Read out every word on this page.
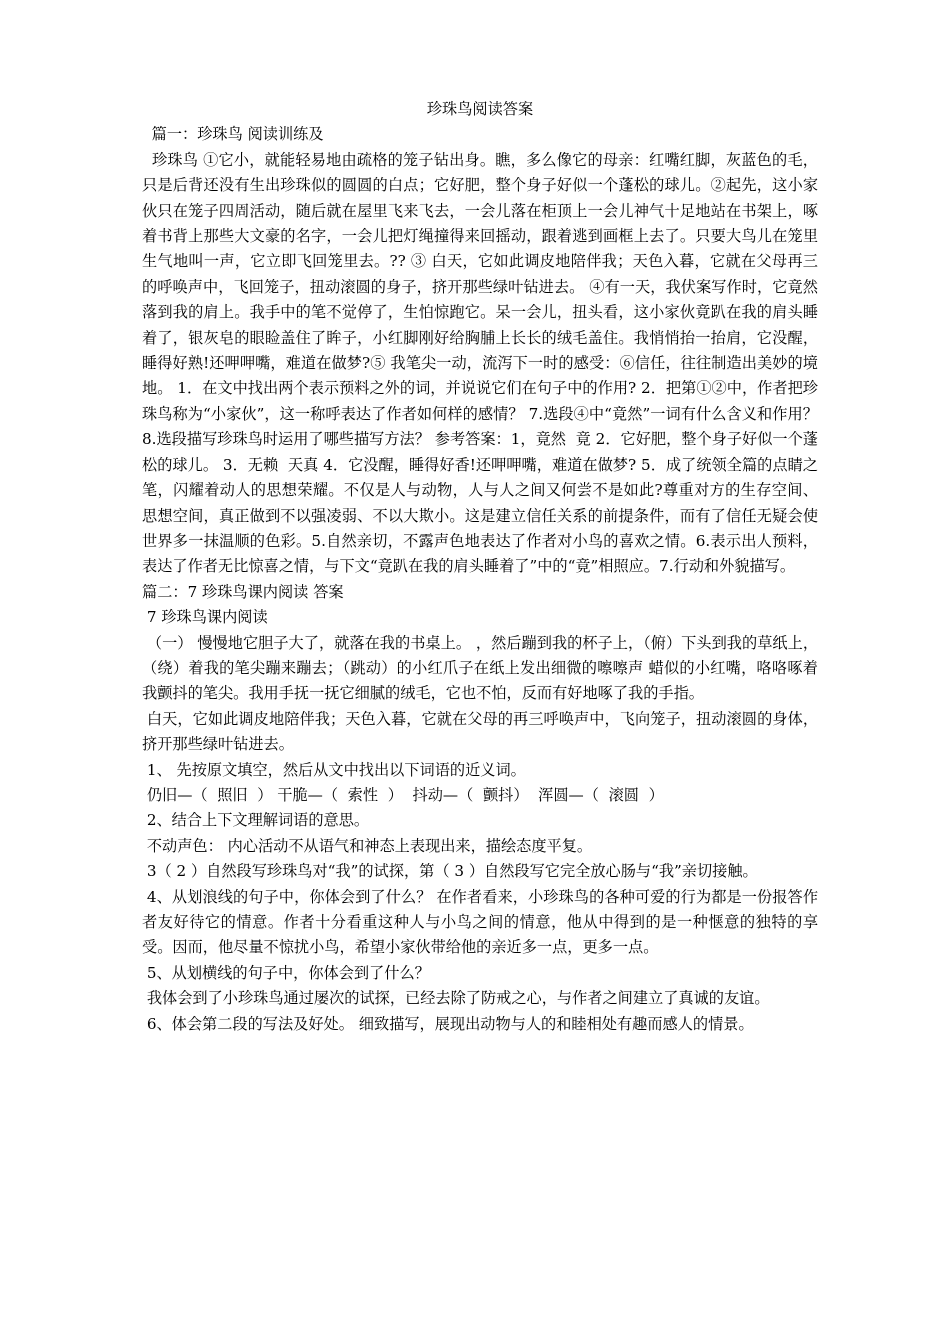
珍珠鸟阅读答案

篇一：珍珠鸟 阅读训练及

珍珠鸟 ①它小，就能轻易地由疏格的笼子钻出身。瞧，多么像它的母亲：红嘴红脚，灰蓝色的毛，只是后背还没有生出珍珠似的圆圆的白点；它好肥，整个身子好似一个蓬松的球儿。②起先，这小家伙只在笼子四周活动，随后就在屋里飞来飞去，一会儿落在柜顶上一会儿神气十足地站在书架上，啄着书背上那些大文豪的名字，一会儿把灯绳撞得来回摇动，跟着逃到画框上去了。只要大鸟儿在笼里生气地叫一声，它立即飞回笼里去。?? ③ 白天，它如此调皮地陪伴我；天色入暮，它就在父母再三的呼唤声中，飞回笼子，扭动滚圆的身子，挤开那些绿叶钻进去。 ④有一天，我伏案写作时，它竟然落到我的肩上。我手中的笔不觉停了，生怕惊跑它。呆一会儿，扭头看，这小家伙竟趴在我的肩头睡着了，银灰皂的眼睑盖住了眸子，小红脚刚好给胸脯上长长的绒毛盖住。我悄悄抬一抬肩，它没醒，睡得好熟!还呷呷嘴，难道在做梦?⑤ 我笔尖一动，流泻下一时的感受：⑥信任，往往制造出美妙的境地。 1．在文中找出两个表示预料之外的词，并说说它们在句子中的作用? 2．把第①②中，作者把珍珠鸟称为“小家伙”，这一称呼表达了作者如何样的感情？ 7.选段④中“竟然”一词有什么含义和作用？ 8.选段描写珍珠鸟时运用了哪些描写方法？ 参考答案：1，竟然  竟 2．它好肥，整个身子好似一个蓬松的球儿。 3．无赖  天真 4．它没醒，睡得好香!还呷呷嘴，难道在做梦? 5．成了统领全篇的点睛之笔，闪耀着动人的思想荣耀。不仅是人与动物，人与人之间又何尝不是如此?尊重对方的生存空间、思想空间，真正做到不以强凌弱、不以大欺小。这是建立信任关系的前提条件，而有了信任无疑会使世界多一抹温顺的色彩。5.自然亲切，不露声色地表达了作者对小鸟的喜欢之情。6.表示出人预料，表达了作者无比惊喜之情，与下文“竟趴在我的肩头睡着了”中的“竟”相照应。7.行动和外貌描写。

篇二：7 珍珠鸟课内阅读 答案

7 珍珠鸟课内阅读

（一） 慢慢地它胆子大了，就落在我的书桌上。 ，然后蹦到我的杯子上，（俯）下头到我的草纸上，（绕）着我的笔尖蹦来蹦去；（跳动）的小红爪子在纸上发出细微的嚓嚓声 蜡似的小红嘴，咯咯啄着我颤抖的笔尖。我用手抚一抚它细腻的绒毛，它也不怕，反而有好地啄了我的手指。

白天，它如此调皮地陪伴我；天色入暮，它就在父母的再三呼唤声中，飞向笼子，扭动滚圆的身体，挤开那些绿叶钻进去。

1、 先按原文填空，然后从文中找出以下词语的近义词。

仍旧—（  照旧  ） 干脆—（  索性  ）  抖动—（  颤抖）  浑圆—（  滚圆  ）

2、结合上下文理解词语的意思。

不动声色： 内心活动不从语气和神态上表现出来，描绘态度平复。

3（ 2 ）自然段写珍珠鸟对“我”的试探，第（ 3 ）自然段写它完全放心肠与“我”亲切接触。

4、从划浪线的句子中，你体会到了什么？ 在作者看来，小珍珠鸟的各种可爱的行为都是一份报答作者友好待它的情意。作者十分看重这种人与小鸟之间的情意，他从中得到的是一种惬意的独特的享受。因而，他尽量不惊扰小鸟，希望小家伙带给他的亲近多一点，更多一点。

5、从划横线的句子中，你体会到了什么？

我体会到了小珍珠鸟通过屡次的试探，已经去除了防戒之心，与作者之间建立了真诚的友谊。

6、体会第二段的写法及好处。 细致描写，展现出动物与人的和睦相处有趣而感人的情景。
